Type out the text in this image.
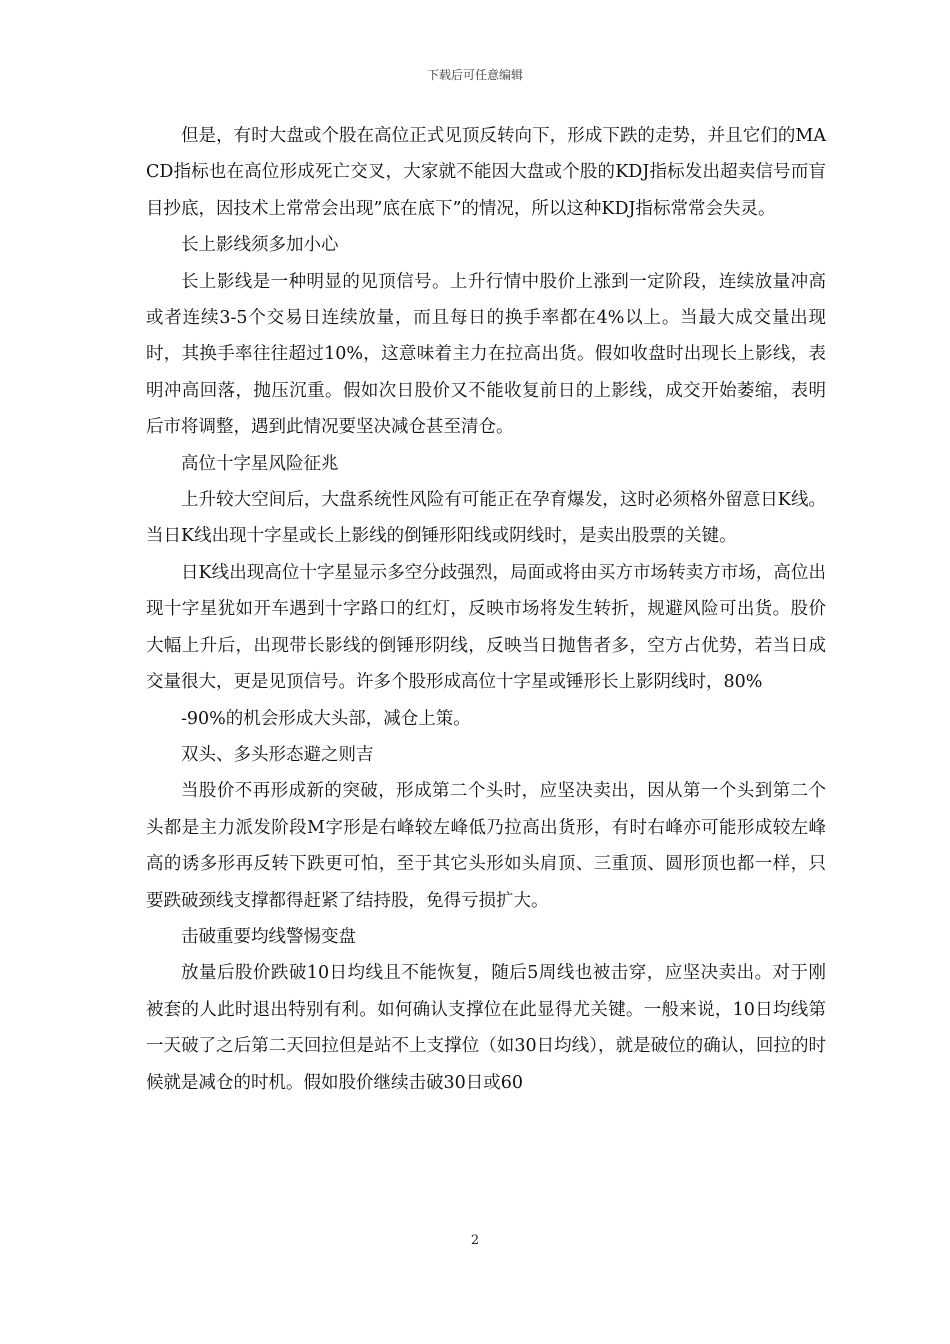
下载后可任意编辑

但是，有时大盘或个股在高位正式见顶反转向下，形成下跌的走势，并且它们的MACD指标也在高位形成死亡交叉，大家就不能因大盘或个股的KDJ指标发出超卖信号而盲目抄底，因技术上常常会出现”底在底下”的情况，所以这种KDJ指标常常会失灵。

长上影线须多加小心

长上影线是一种明显的见顶信号。上升行情中股价上涨到一定阶段，连续放量冲高或者连续3-5个交易日连续放量，而且每日的换手率都在4%以上。当最大成交量出现时，其换手率往往超过10%，这意味着主力在拉高出货。假如收盘时出现长上影线，表明冲高回落，抛压沉重。假如次日股价又不能收复前日的上影线，成交开始萎缩，表明后市将调整，遇到此情况要坚决减仓甚至清仓。

高位十字星风险征兆

上升较大空间后，大盘系统性风险有可能正在孕育爆发，这时必须格外留意日K线。当日K线出现十字星或长上影线的倒锤形阳线或阴线时，是卖出股票的关键。

日K线出现高位十字星显示多空分歧强烈，局面或将由买方市场转卖方市场，高位出现十字星犹如开车遇到十字路口的红灯，反映市场将发生转折，规避风险可出货。股价大幅上升后，出现带长影线的倒锤形阴线，反映当日抛售者多，空方占优势，若当日成交量很大，更是见顶信号。许多个股形成高位十字星或锤形长上影阴线时，80%

-90%的机会形成大头部，减仓上策。

双头、多头形态避之则吉

当股价不再形成新的突破，形成第二个头时，应坚决卖出，因从第一个头到第二个头都是主力派发阶段M字形是右峰较左峰低乃拉高出货形，有时右峰亦可能形成较左峰高的诱多形再反转下跌更可怕，至于其它头形如头肩顶、三重顶、圆形顶也都一样，只要跌破颈线支撑都得赶紧了结持股，免得亏损扩大。

击破重要均线警惕变盘

放量后股价跌破10日均线且不能恢复，随后5周线也被击穿，应坚决卖出。对于刚被套的人此时退出特别有利。如何确认支撑位在此显得尤关键。一般来说，10日均线第一天破了之后第二天回拉但是站不上支撑位（如30日均线），就是破位的确认，回拉的时候就是减仓的时机。假如股价继续击破30日或60

2
